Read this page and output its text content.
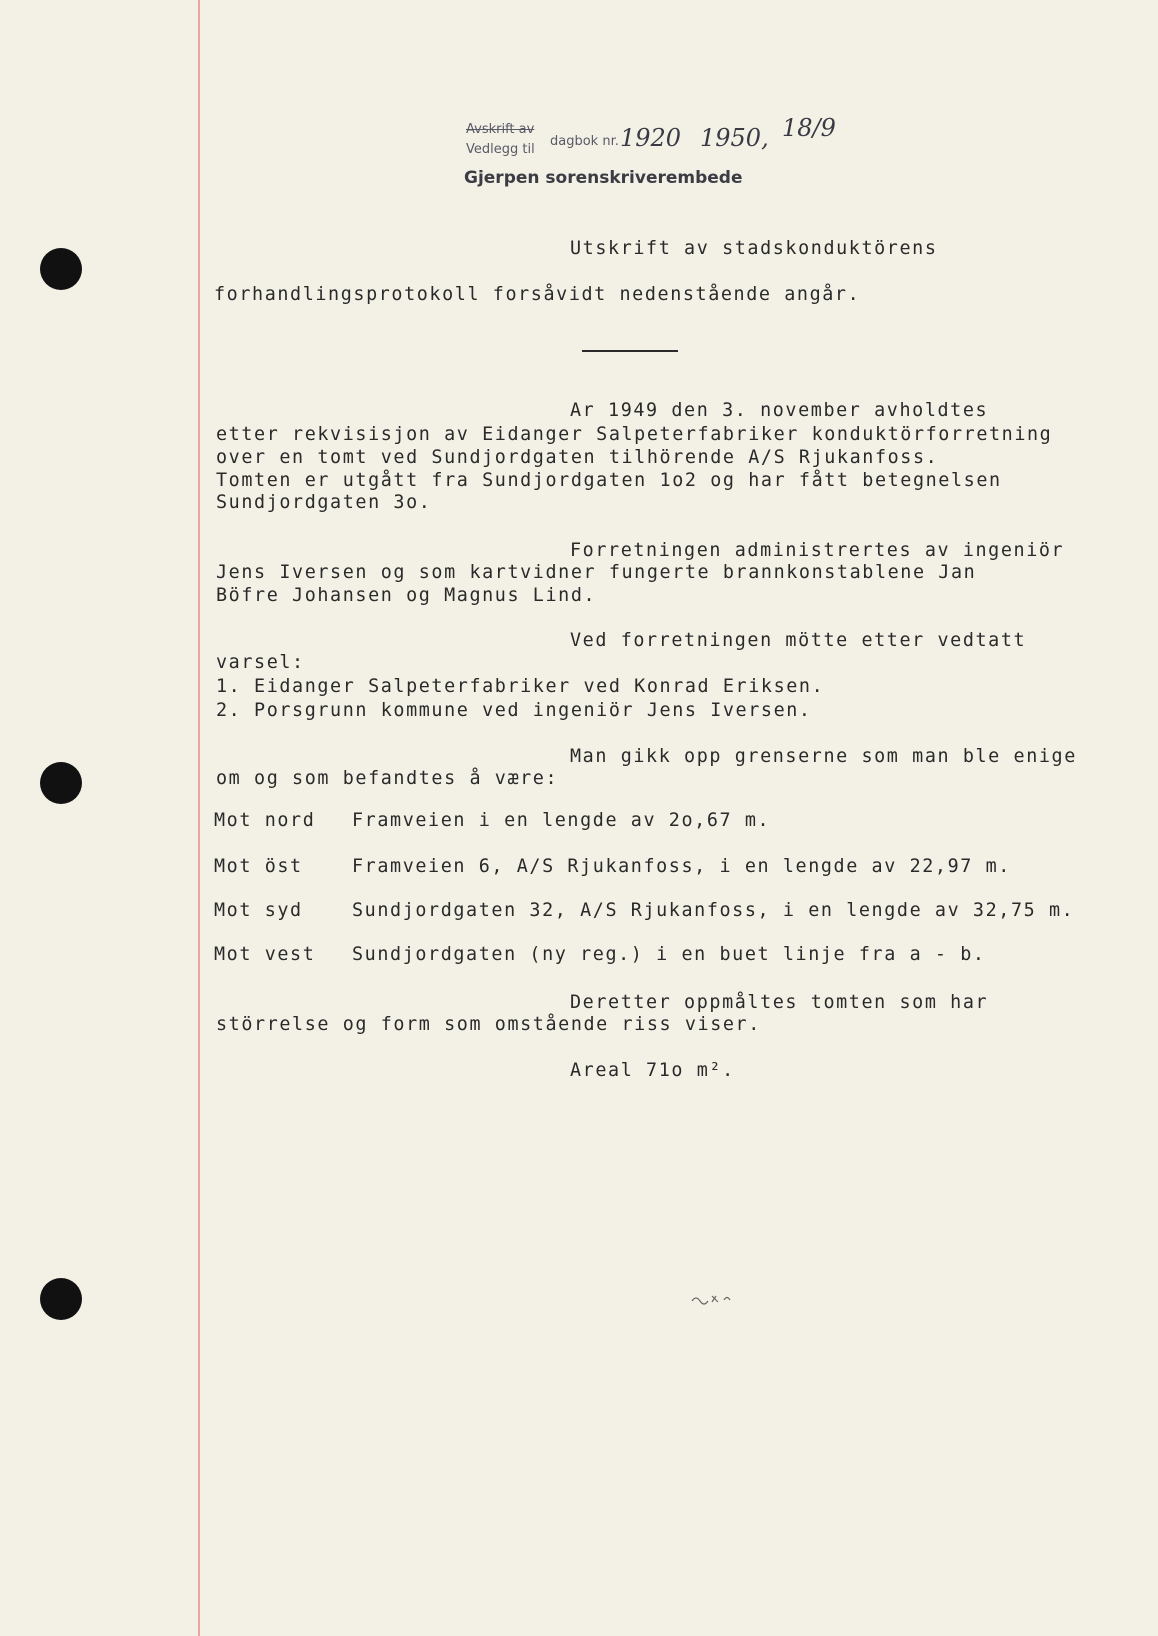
Avskrift av
Vedlegg til
dagbok nr. 1920 1950, 18/9
Gjerpen sorenskriverembede
Utskrift av stadskonduktörens
forhandlingsprotokoll forsåvidt nedenstående angår.
Ar 1949 den 3. november avholdtes
etter rekvisisjon av Eidanger Salpeterfabriker konduktörforretning
over en tomt ved Sundjordgaten tilhörende A/S Rjukanfoss.
Tomten er utgått fra Sundjordgaten 1o2 og har fått betegnelsen
Sundjordgaten 3o.
Forretningen administrertes av ingeniör
Jens Iversen og som kartvidner fungerte brannkonstablene Jan
Böfre Johansen og Magnus Lind.
Ved forretningen mötte etter vedtatt
varsel:
1. Eidanger Salpeterfabriker ved Konrad Eriksen.
2. Porsgrunn kommune ved ingeniör Jens Iversen.
Man gikk opp grenserne som man ble enige
om og som befandtes å være:
Mot nord Framveien i en lengde av 2o,67 m.
Mot öst	Framveien 6, A/S Rjukanfoss, i en lengde av 22,97 m.
Mot syd	Sundjordgaten 32, A/S Rjukanfoss, i en lengde av 32,75 m.
Mot vest Sundjordgaten (ny reg.) i en buet linje fra a - b.
Deretter oppmåltes tomten som har
störrelse og form som omstående riss viser.
Areal 71o m².
